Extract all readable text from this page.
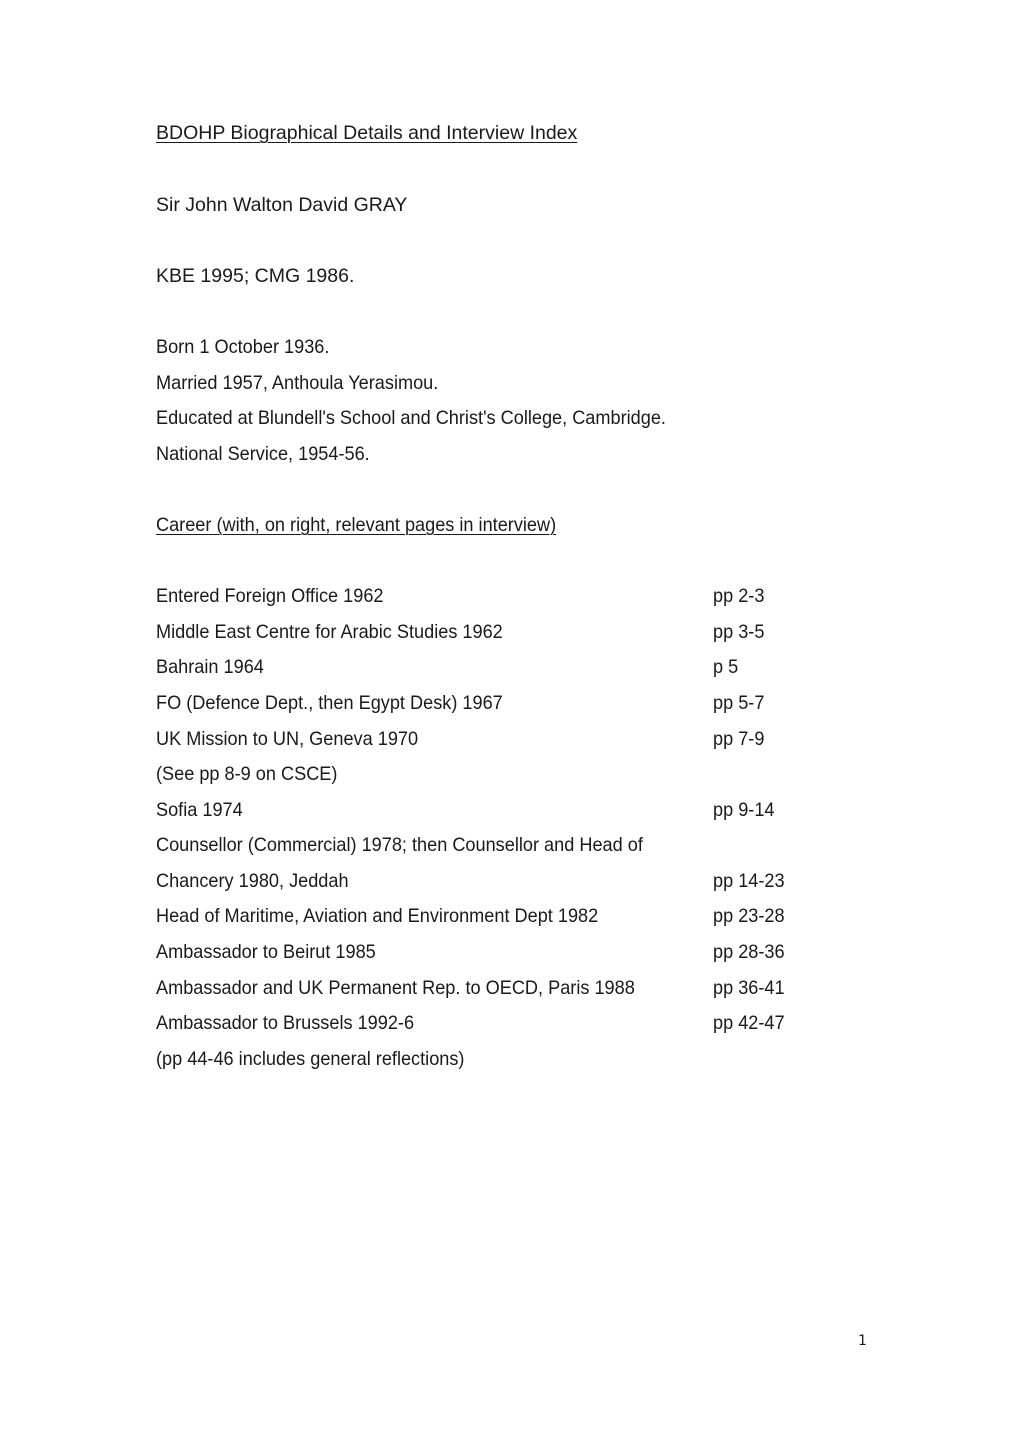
BDOHP Biographical Details and Interview Index
Sir John Walton David GRAY
KBE 1995; CMG 1986.
Born 1 October 1936.
Married 1957, Anthoula Yerasimou.
Educated at Blundell's School and Christ's College, Cambridge.
National Service, 1954-56.
Career (with, on right, relevant pages in interview)
Entered Foreign Office 1962	pp 2-3
Middle East Centre for Arabic Studies 1962	pp 3-5
Bahrain 1964	p 5
FO (Defence Dept., then Egypt Desk) 1967	pp 5-7
UK Mission to UN, Geneva 1970	pp 7-9
(See pp 8-9 on CSCE)
Sofia 1974	pp 9-14
Counsellor (Commercial) 1978; then Counsellor and Head of
Chancery 1980, Jeddah	pp 14-23
Head of Maritime, Aviation and Environment Dept 1982	pp 23-28
Ambassador to Beirut 1985	pp 28-36
Ambassador and UK Permanent Rep. to OECD, Paris 1988	pp 36-41
Ambassador to Brussels 1992-6	pp 42-47
(pp 44-46 includes general reflections)
1
